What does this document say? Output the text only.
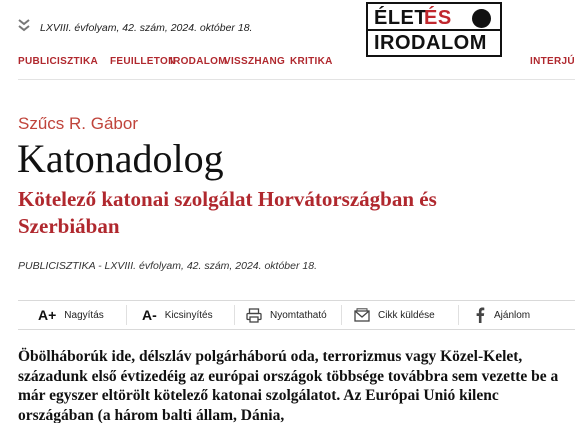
LXVIII. évfolyam, 42. szám, 2024. október 18.	ÉLET
ÉS
IRODALOM
PUBLICISZTIKA FEUILLETON
IRODALOM
VISSZHANG KRITIKA	INTERJÚ
Szűcs R. Gábor
Katonadolog
Kötelező katonai szolgálat Horvátországban és Szerbiában
PUBLICISZTIKA - LXVIII. évfolyam, 42. szám, 2024. október 18.
A+ Nagyítás	A- Kicsinyítés	Nyomtatható	Cikk küldése	Ajánlom

Öbölháborúk ide, délszláv polgárháború oda, terrorizmus vagy Közel-Kelet, századunk első évtizedéig az európai országok többsége továbbra sem vezette be a már egyszer eltörölt kötelező katonai szolgálatot. Az Európai Unió kilenc országában (a három balti állam, Dánia,
